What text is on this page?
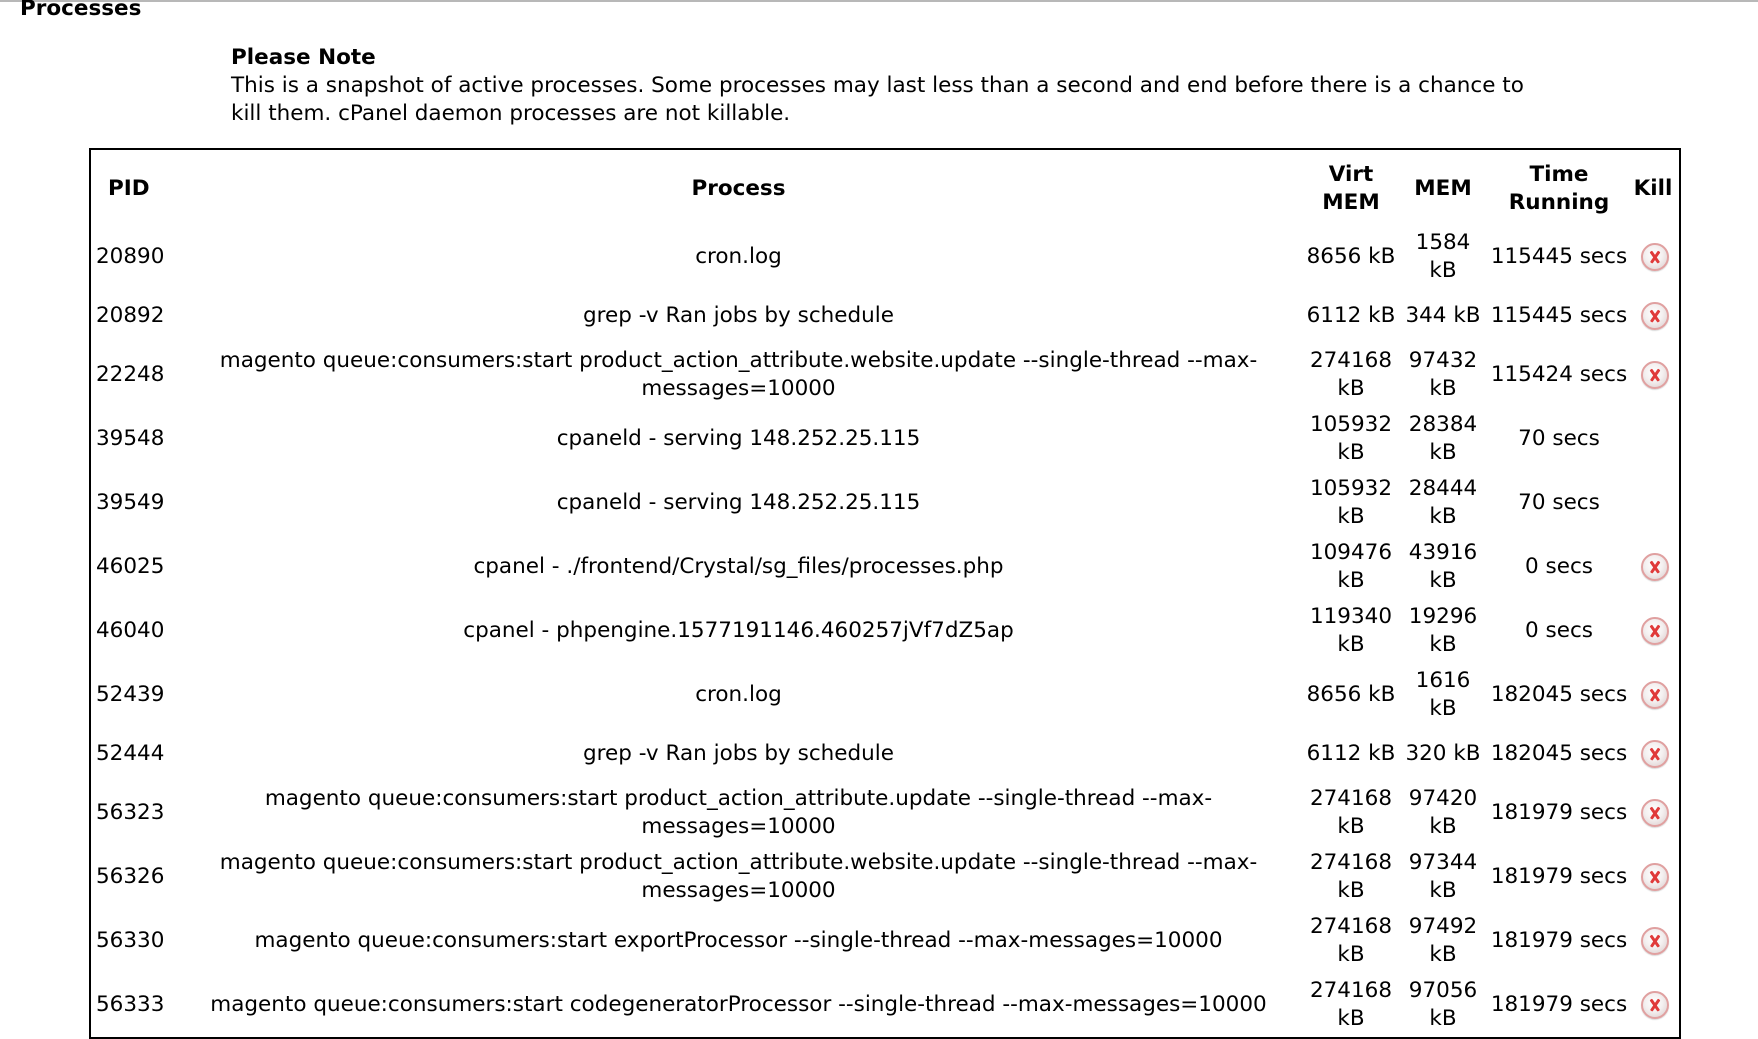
Processes
Please Note
This is a snapshot of active processes. Some processes may last less than a second and end before there is a chance to kill them. cPanel daemon processes are not killable.
PID	Process	Virt MEM	MEM	Time Running	Kill
20890	cron.log	8656 kB	1584 kB	115445 secs	
20892	grep -v Ran jobs by schedule	6112 kB	344 kB	115445 secs	
22248	magento queue:consumers:start product_action_attribute.website.update --single-thread --max-messages=10000	274168 kB	97432 kB	115424 secs	
39548	cpaneld - serving 148.252.25.115	105932 kB	28384 kB	70 secs	
39549	cpaneld - serving 148.252.25.115	105932 kB	28444 kB	70 secs	
46025	cpanel - ./frontend/Crystal/sg_files/processes.php	109476 kB	43916 kB	0 secs	
46040	cpanel - phpengine.1577191146.460257jVf7dZ5ap	119340 kB	19296 kB	0 secs	
52439	cron.log	8656 kB	1616 kB	182045 secs	
52444	grep -v Ran jobs by schedule	6112 kB	320 kB	182045 secs	
56323	magento queue:consumers:start product_action_attribute.update --single-thread --max-messages=10000	274168 kB	97420 kB	181979 secs	
56326	magento queue:consumers:start product_action_attribute.website.update --single-thread --max-messages=10000	274168 kB	97344 kB	181979 secs	
56330	magento queue:consumers:start exportProcessor --single-thread --max-messages=10000	274168 kB	97492 kB	181979 secs	
56333	magento queue:consumers:start codegeneratorProcessor --single-thread --max-messages=10000	274168 kB	97056 kB	181979 secs	
